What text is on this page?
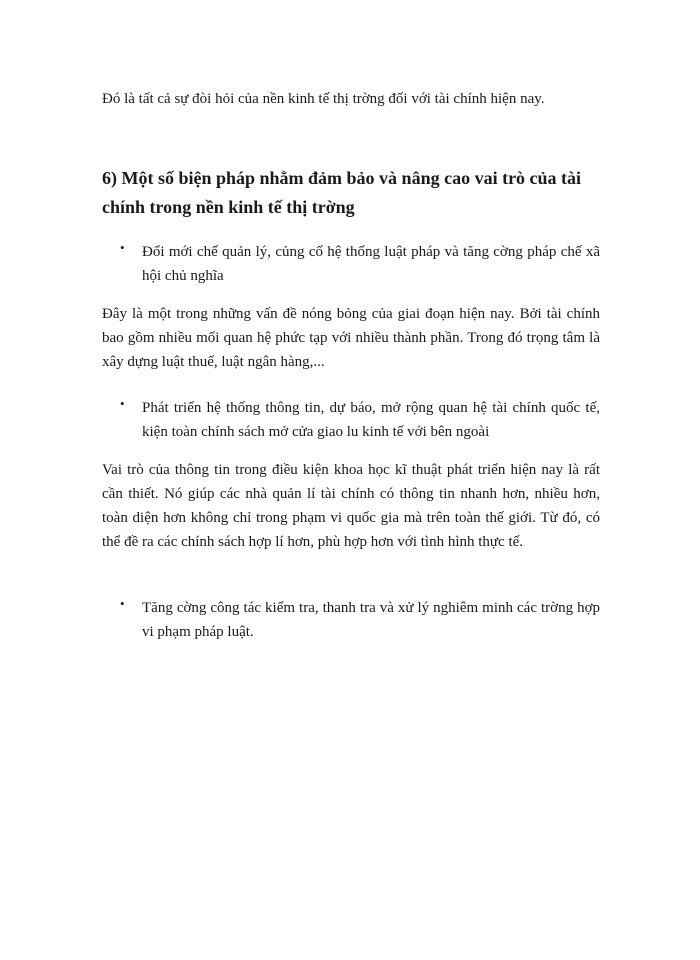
Đó là tất cả sự đòi hỏi của nền kinh tế thị trờng đối với tài chính hiện nay.
6) Một số biện pháp nhằm đảm bảo và nâng cao vai trò của tài chính trong nền kinh tế thị trờng
•	Đổi mới chế quản lý, củng cố hệ thống luật pháp và tăng cờng pháp chế xã hội chủ nghĩa

Đây là một trong những vấn đề nóng bỏng của giai đoạn hiện nay. Bởi tài chính bao gồm nhiều mối quan hệ phức tạp với nhiều thành phần. Trong đó trọng tâm là xây dựng luật thuế, luật ngân hàng,...

•	Phát triển hệ thống thông tin, dự báo, mở rộng quan hệ tài chính quốc tế, kiện toàn chính sách mở cửa giao lu kinh tế với bên ngoài

Vai trò của thông tin trong điều kiện khoa học kĩ thuật phát triển hiện nay là rất cần thiết. Nó giúp các nhà quản lí tài chính có thông tin nhanh hơn, nhiều hơn, toàn diện hơn không chỉ trong phạm vi quốc gia mà trên toàn thế giới. Từ đó, có thể đề ra các chính sách hợp lí hơn, phù hợp hơn với tình hình thực tế.

•	Tăng cờng công tác kiểm tra, thanh tra và xử lý nghiêm minh các trờng hợp vi phạm pháp luật.
